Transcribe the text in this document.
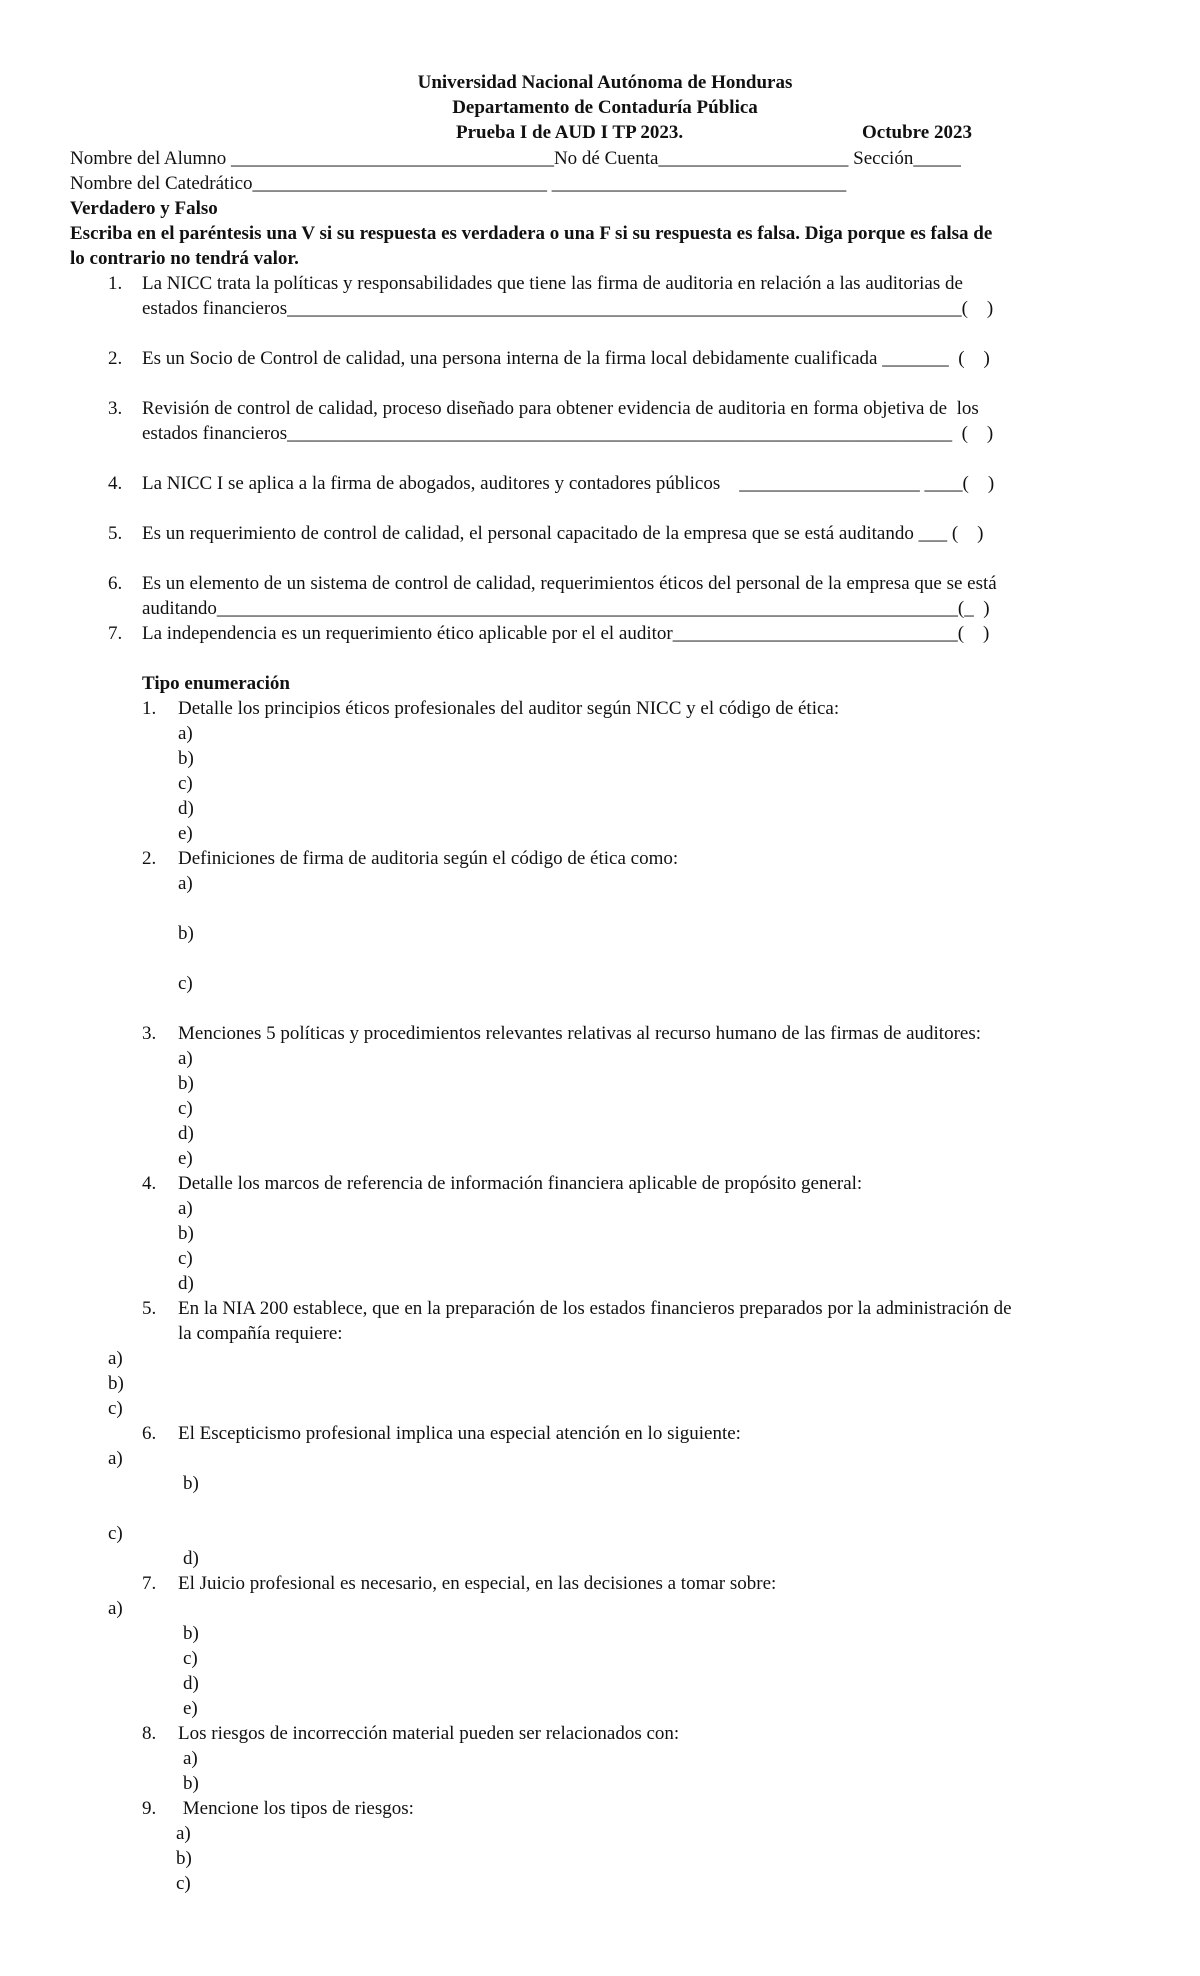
Universidad Nacional Autónoma de Honduras
Departamento de Contaduría Pública
Prueba I de AUD I TP 2023.	Octubre 2023
Nombre del Alumno __________________________________No dé Cuenta____________________ Sección_____
Nombre del Catedrático_______________________________ _______________________________
Verdadero y Falso
Escriba en el paréntesis una V si su respuesta es verdadera o una F si su respuesta es falsa. Diga porque es falsa de
lo contrario no tendrá valor.
1. La NICC trata la políticas y responsabilidades que tiene las firma de auditoria en relación a las auditorias de
estados financieros_______________________________________________________________________(    )
2. Es un Socio de Control de calidad, una persona interna de la firma local debidamente cualificada _______  (    )
3. Revisión de control de calidad, proceso diseñado para obtener evidencia de auditoria en forma objetiva de  los
estados financieros______________________________________________________________________  (    )
4. La NICC I se aplica a la firma de abogados, auditores y contadores públicos    ___________________ ____(    )
5. Es un requerimiento de control de calidad, el personal capacitado de la empresa que se está auditando ___ (    )
6. Es un elemento de un sistema de control de calidad, requerimientos éticos del personal de la empresa que se está
auditando______________________________________________________________________________(_  )
7. La independencia es un requerimiento ético aplicable por el el auditor______________________________(    )
Tipo enumeración
1. Detalle los principios éticos profesionales del auditor según NICC y el código de ética:
a)
b)
c)
d)
e)
2. Definiciones de firma de auditoria según el código de ética como:
a)
b)
c)
3. Menciones 5 políticas y procedimientos relevantes relativas al recurso humano de las firmas de auditores:
a)
b)
c)
d)
e)
4. Detalle los marcos de referencia de información financiera aplicable de propósito general:
a)
b)
c)
d)
5. En la NIA 200 establece, que en la preparación de los estados financieros preparados por la administración de
la compañía requiere:
a)
b)
c)
6. El Escepticismo profesional implica una especial atención en lo siguiente:
a)
b)
c)
d)
7. El Juicio profesional es necesario, en especial, en las decisiones a tomar sobre:
a)
b)
c)
d)
e)
8. Los riesgos de incorrección material pueden ser relacionados con:
a)
b)
9. Mencione los tipos de riesgos:
a)
b)
c)
